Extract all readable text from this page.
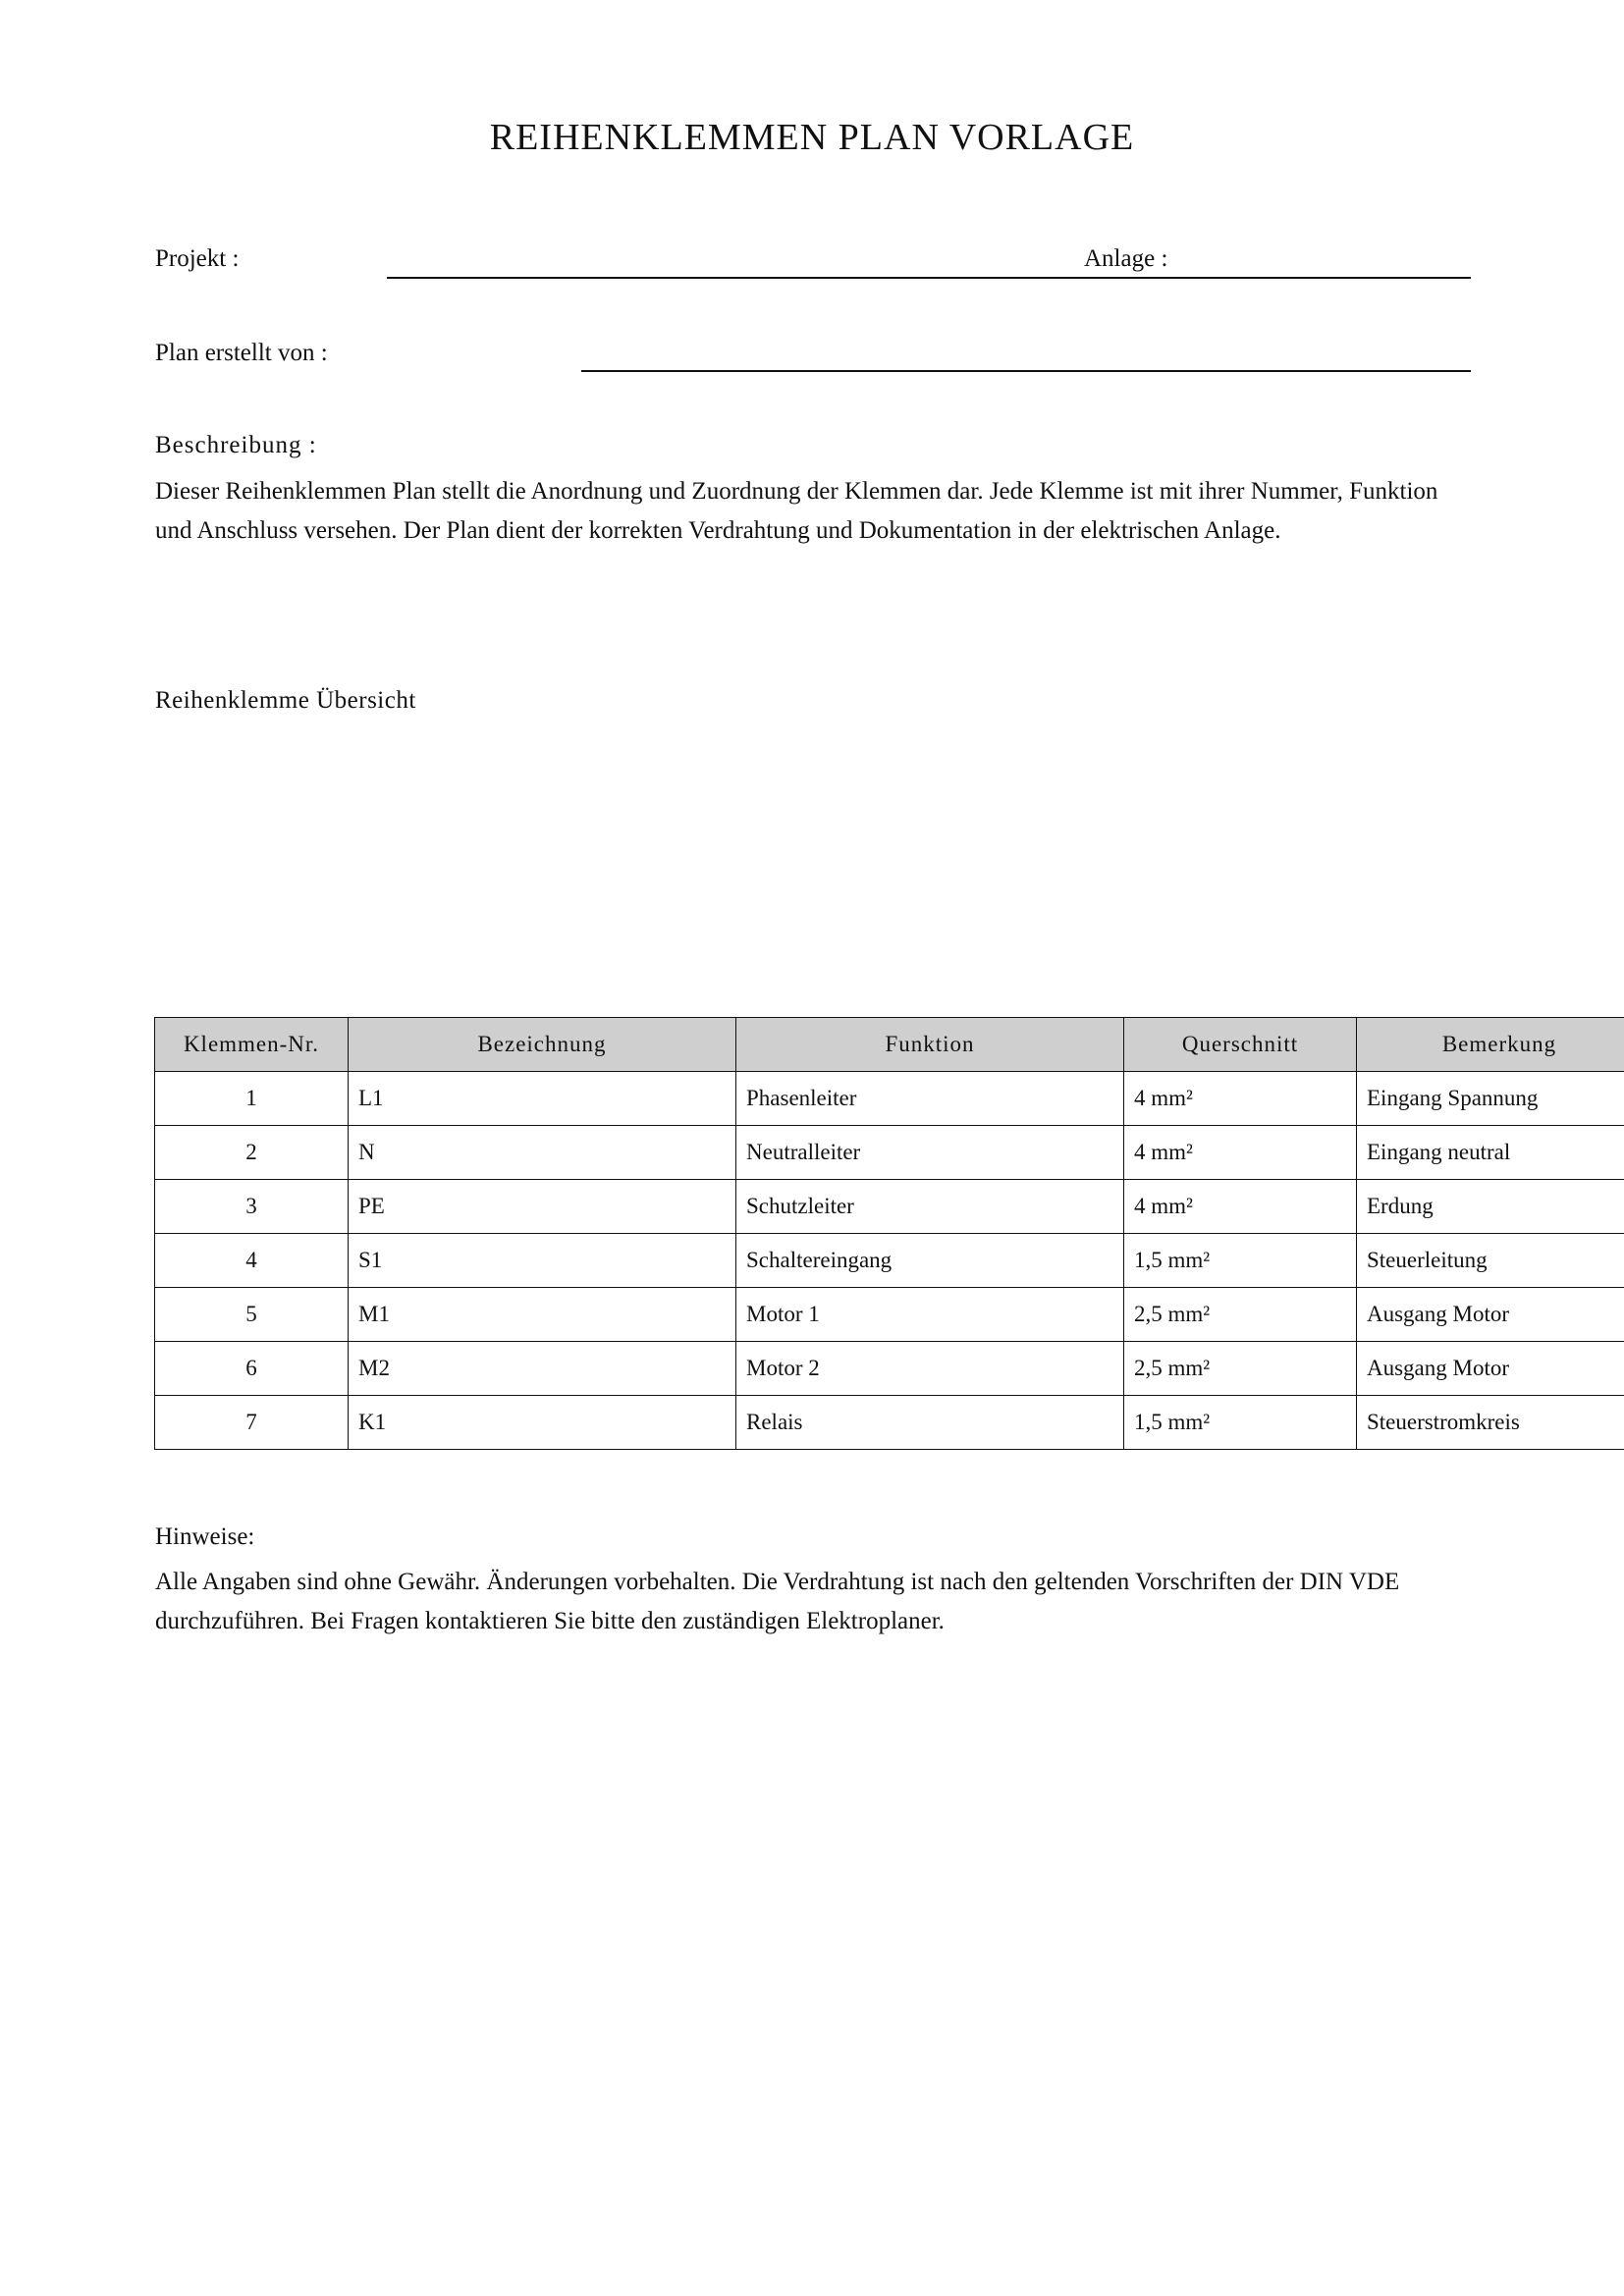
REIHENKLEMMEN PLAN VORLAGE
Projekt :	Anlage :
Plan erstellt von :
Beschreibung :
Dieser Reihenklemmen Plan stellt die Anordnung und Zuordnung der Klemmen dar. Jede Klemme ist mit ihrer Nummer, Funktion und Anschluss versehen. Der Plan dient der korrekten Verdrahtung und Dokumentation in der elektrischen Anlage.
Reihenklemme Übersicht
Klemmen-Nr.	Bezeichnung	Funktion	Querschnitt	Bemerkung
1	L1	Phasenleiter	4 mm²	Eingang Spannung
2	N	Neutralleiter	4 mm²	Eingang neutral
3	PE	Schutzleiter	4 mm²	Erdung
4	S1	Schaltereingang	1,5 mm²	Steuerleitung
5	M1	Motor 1	2,5 mm²	Ausgang Motor
6	M2	Motor 2	2,5 mm²	Ausgang Motor
7	K1	Relais	1,5 mm²	Steuerstromkreis
Hinweise:
Alle Angaben sind ohne Gewähr. Änderungen vorbehalten. Die Verdrahtung ist nach den geltenden Vorschriften der DIN VDE durchzuführen. Bei Fragen kontaktieren Sie bitte den zuständigen Elektroplaner.
